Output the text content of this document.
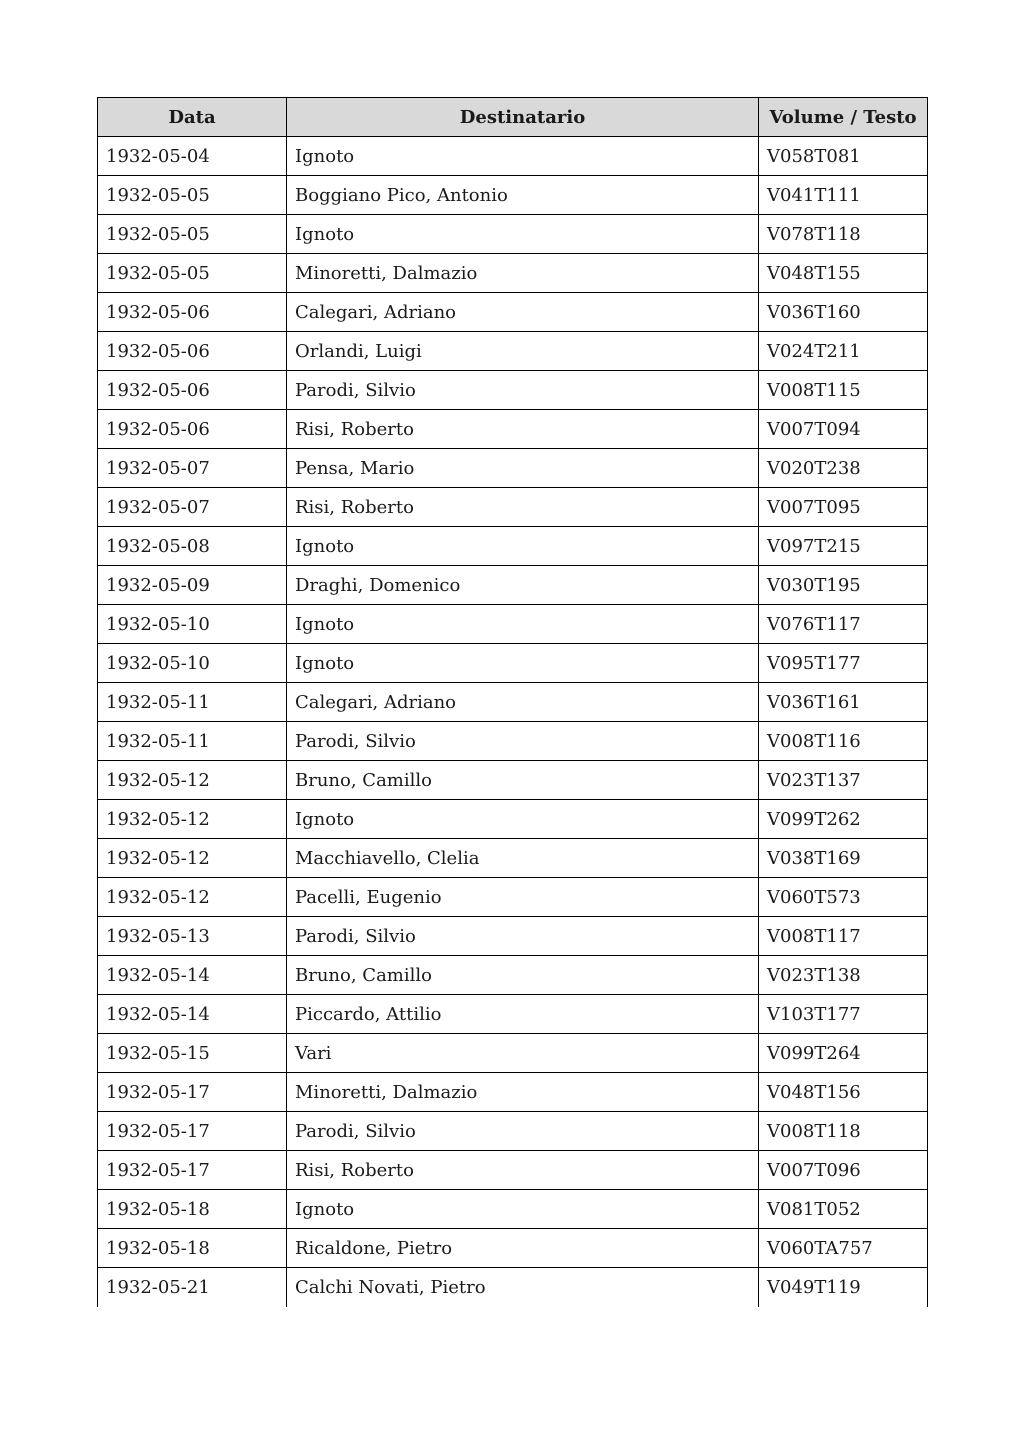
Data	Destinatario	Volume / Testo
1932-05-04	Ignoto	V058T081
1932-05-05	Boggiano Pico, Antonio	V041T111
1932-05-05	Ignoto	V078T118
1932-05-05	Minoretti, Dalmazio	V048T155
1932-05-06	Calegari, Adriano	V036T160
1932-05-06	Orlandi, Luigi	V024T211
1932-05-06	Parodi, Silvio	V008T115
1932-05-06	Risi, Roberto	V007T094
1932-05-07	Pensa, Mario	V020T238
1932-05-07	Risi, Roberto	V007T095
1932-05-08	Ignoto	V097T215
1932-05-09	Draghi, Domenico	V030T195
1932-05-10	Ignoto	V076T117
1932-05-10	Ignoto	V095T177
1932-05-11	Calegari, Adriano	V036T161
1932-05-11	Parodi, Silvio	V008T116
1932-05-12	Bruno, Camillo	V023T137
1932-05-12	Ignoto	V099T262
1932-05-12	Macchiavello, Clelia	V038T169
1932-05-12	Pacelli, Eugenio	V060T573
1932-05-13	Parodi, Silvio	V008T117
1932-05-14	Bruno, Camillo	V023T138
1932-05-14	Piccardo, Attilio	V103T177
1932-05-15	Vari	V099T264
1932-05-17	Minoretti, Dalmazio	V048T156
1932-05-17	Parodi, Silvio	V008T118
1932-05-17	Risi, Roberto	V007T096
1932-05-18	Ignoto	V081T052
1932-05-18	Ricaldone, Pietro	V060TA757
1932-05-21	Calchi Novati, Pietro	V049T119
